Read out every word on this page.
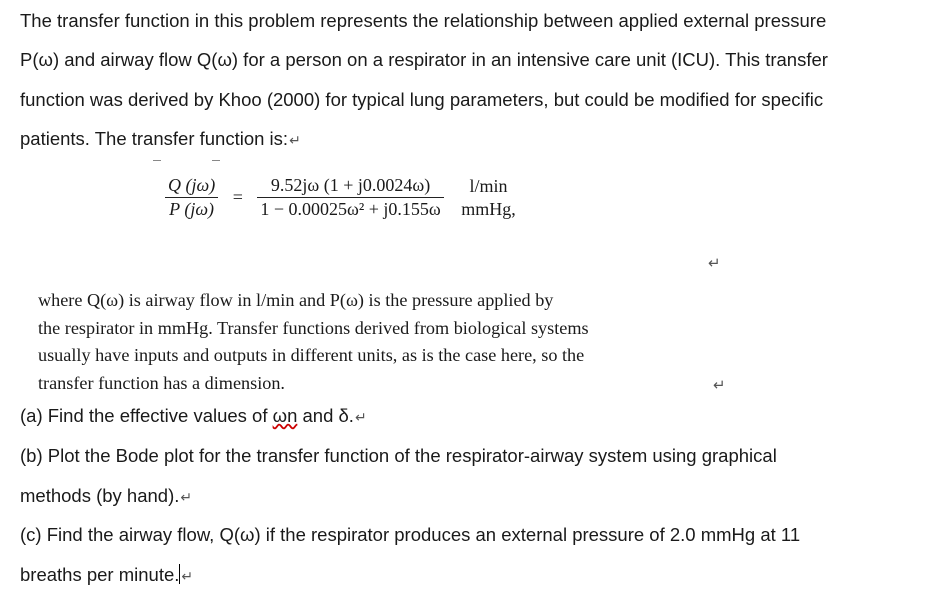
The transfer function in this problem represents the relationship between applied external pressure
P(ω) and airway flow Q(ω) for a person on a respirator in an intensive care unit (ICU). This transfer
function was derived by Khoo (2000) for typical lung parameters, but could be modified for specific
patients. The transfer function is:↵
$\frac{Q (j\omega)}{P (j\omega)} = \frac{9.52j\omega (1 + j0.0024\omega)}{\text{1 − 0.00025ω² + j0.155ω}}$
	l/min
mmHg,
↵
where Q(ω) is airway flow in l/min and P(ω) is the pressure applied by
the respirator in mmHg. Transfer functions derived from biological systems
usually have inputs and outputs in different units, as is the case here, so the
transfer function has a dimension.	↵
(a) Find the effective values of ωn and δ.↵
(b) Plot the Bode plot for the transfer function of the respirator-airway system using graphical
methods (by hand).↵
(c) Find the airway flow, Q(ω) if the respirator produces an external pressure of 2.0 mmHg at 11
breaths per minute. ↵
